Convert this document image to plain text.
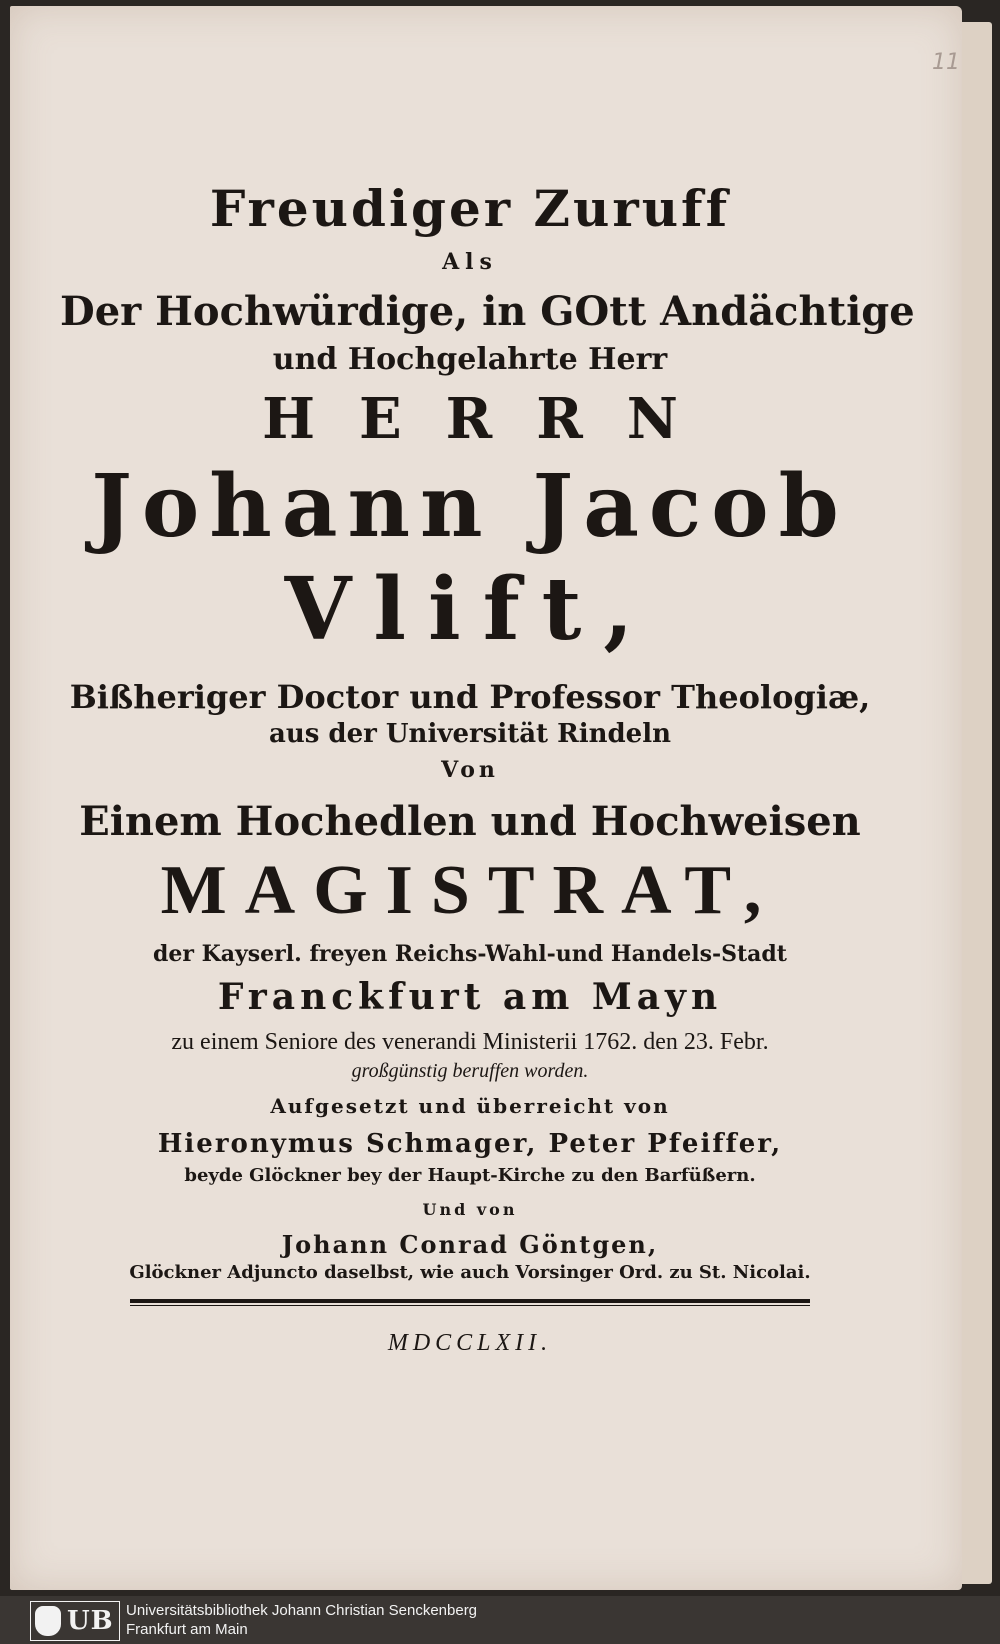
11
Freudiger Zuruff
Als
Der Hochwürdige, in GOtt Andächtige
und Hochgelahrte Herr
HERRN
Johann Jacob
Vlift,
Bißheriger Doctor und Professor Theologiæ,
aus der Universität Rindeln
Von
Einem Hochedlen und Hochweisen
MAGISTRAT,
der Kayserl. freyen Reichs-Wahl-und Handels-Stadt
Franckfurt am Mayn
zu einem Seniore des venerandi Ministerii 1762. den 23. Febr.
großgünstig beruffen worden.
Aufgesetzt und überreicht von
Hieronymus Schmager, Peter Pfeiffer,
beyde Glöckner bey der Haupt-Kirche zu den Barfüßern.
Und von
Johann Conrad Göntgen,
Glöckner Adjuncto daselbst, wie auch Vorsinger Ord. zu St. Nicolai.
MDCCLXII.
UB Universitätsbibliothek Johann Christian Senckenberg
Frankfurt am Main
